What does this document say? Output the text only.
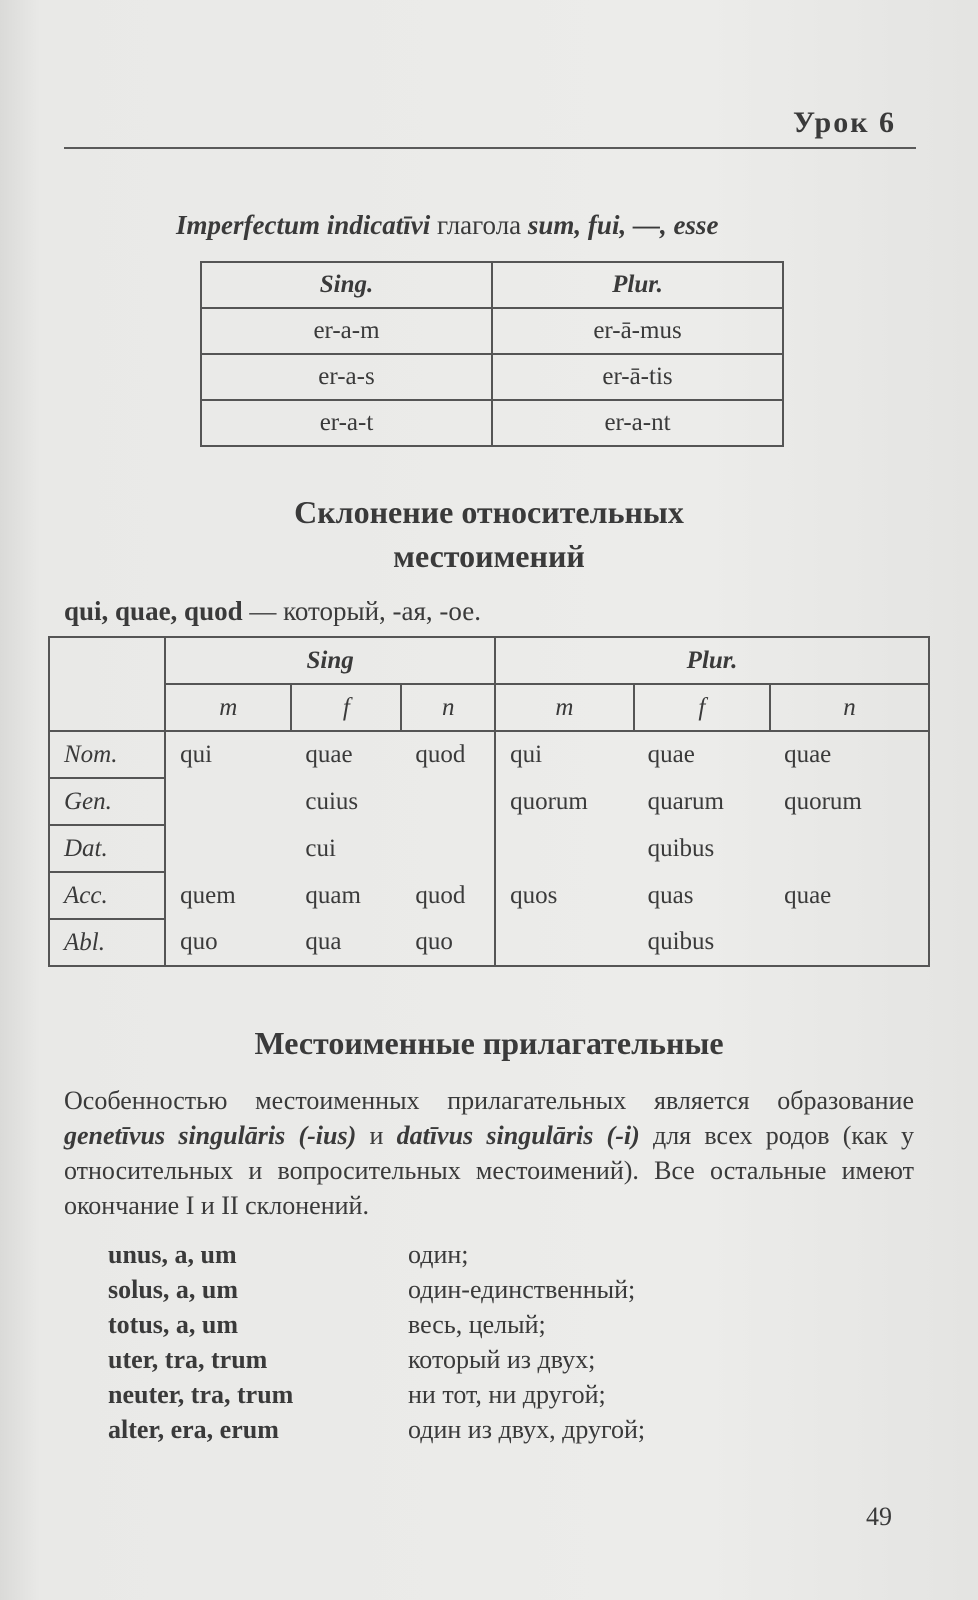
Урок 6
Imperfectum indicatīvi глагола sum, fui, —, esse
Sing.	Plur.
er-a-m	er-ā-mus
er-a-s	er-ā-tis
er-a-t	er-a-nt
Склонение относительных
местоимений
qui, quae, quod — который, -ая, -ое.
	Sing			Plur.		
	m	f	n	m	f	n
Nom.	qui	quae	quod	qui	quae	quae
Gen.		cuius		quorum	quarum	quorum
Dat.		cui			quibus	
Acc.	quem	quam	quod	quos	quas	quae
Abl.	quo	qua	quo		quibus	
Местоименные прилагательные
Особенностью местоименных прилагательных является образование genetīvus singulāris (-ius) и datīvus singulāris (-i) для всех родов (как у относительных и вопросительных местоимений). Все остальные имеют окончание I и II склонений.
unus, a, um	один;
solus, a, um	один-единственный;
totus, a, um	весь, целый;
uter, tra, trum	который из двух;
neuter, tra, trum	ни тот, ни другой;
alter, era, erum	один из двух, другой;
49
